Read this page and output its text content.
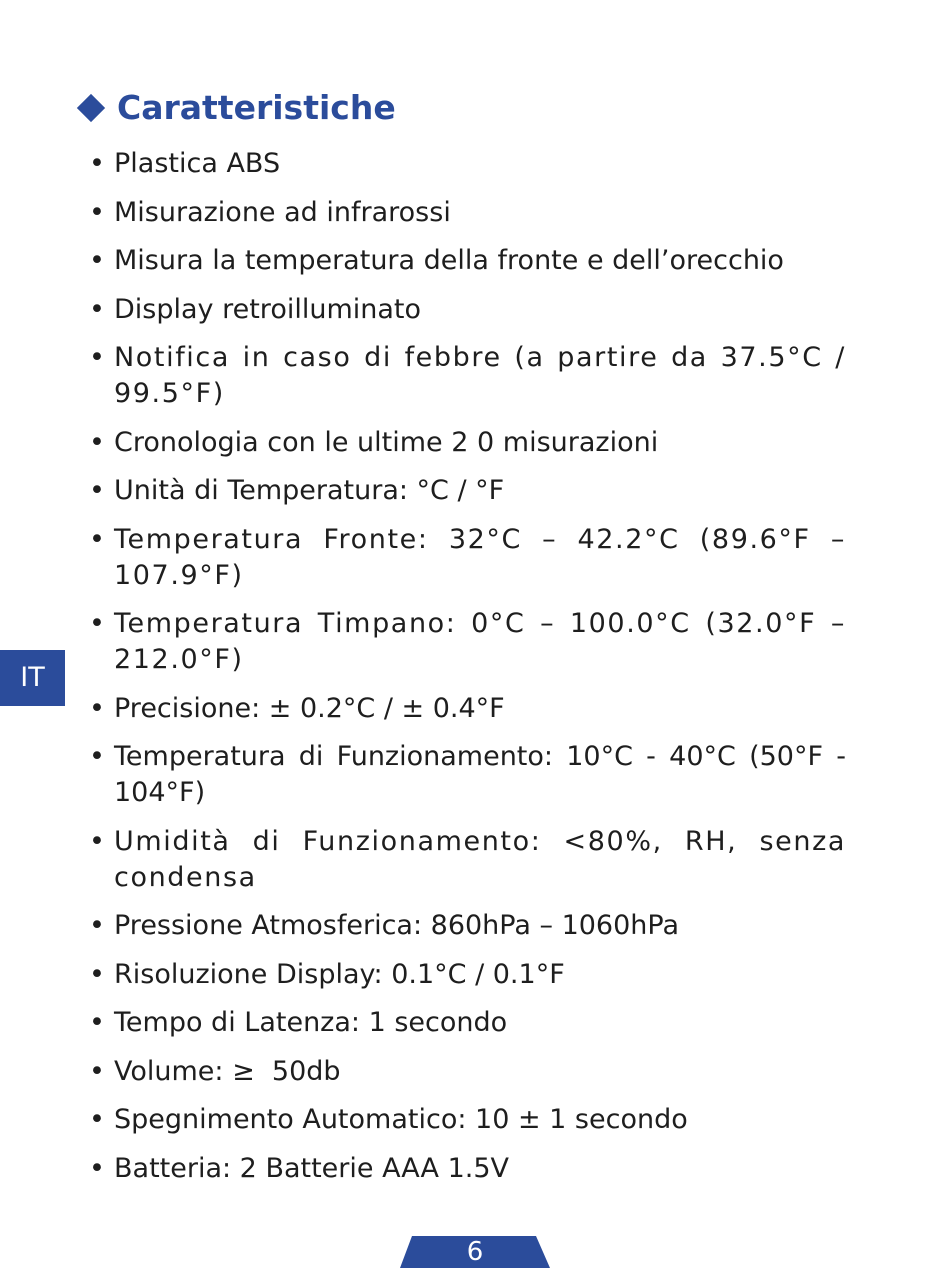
Caratteristiche
• Plastica ABS
• Misurazione ad infrarossi
• Misura la temperatura della fronte e dell’orecchio
• Display retroilluminato
• Notifica in caso di febbre (a partire da 37.5°C / 99.5°F)
• Cronologia con le ultime 2 0 misurazioni
• Unità di Temperatura: °C / °F
• Temperatura Fronte: 32°C – 42.2°C (89.6°F – 107.9°F)
• Temperatura Timpano: 0°C – 100.0°C (32.0°F – 212.0°F)
• Precisione: ± 0.2°C / ± 0.4°F
• Temperatura di Funzionamento: 10°C - 40°C (50°F - 104°F)
• Umidità di Funzionamento: <80%, RH, senza condensa
• Pressione Atmosferica: 860hPa – 1060hPa
• Risoluzione Display: 0.1°C / 0.1°F
• Tempo di Latenza: 1 secondo
• Volume: ≥  50db
• Spegnimento Automatico: 10 ± 1 secondo
• Batteria: 2 Batterie AAA 1.5V
IT
6
